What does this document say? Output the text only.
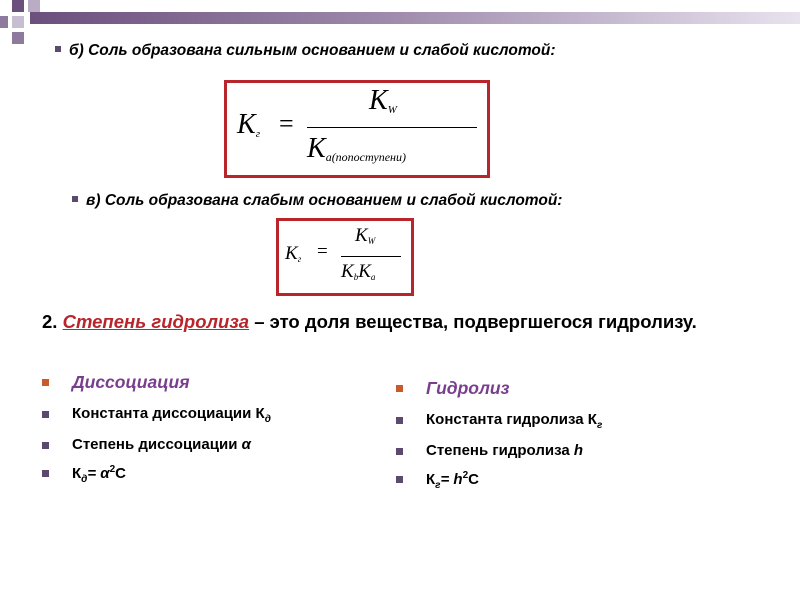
б) Соль образована сильным основанием и слабой кислотой:
$K_г$ =
$K_W$
$K_{a(попоступени)}$
в) Соль образована слабым основанием и слабой кислотой:
$K_г$ =
$K_W$
$K_bK_a$
2. Степень гидролиза – это доля вещества, подвергшегося гидролизу.
Диссоциация
Константа диссоциации $К_д$
Степень диссоциации α
$К_д= \alpha^2С$
Гидролиз
Константа гидролиза $К_г$
Степень гидролиза h
$К_г= h^2С$
